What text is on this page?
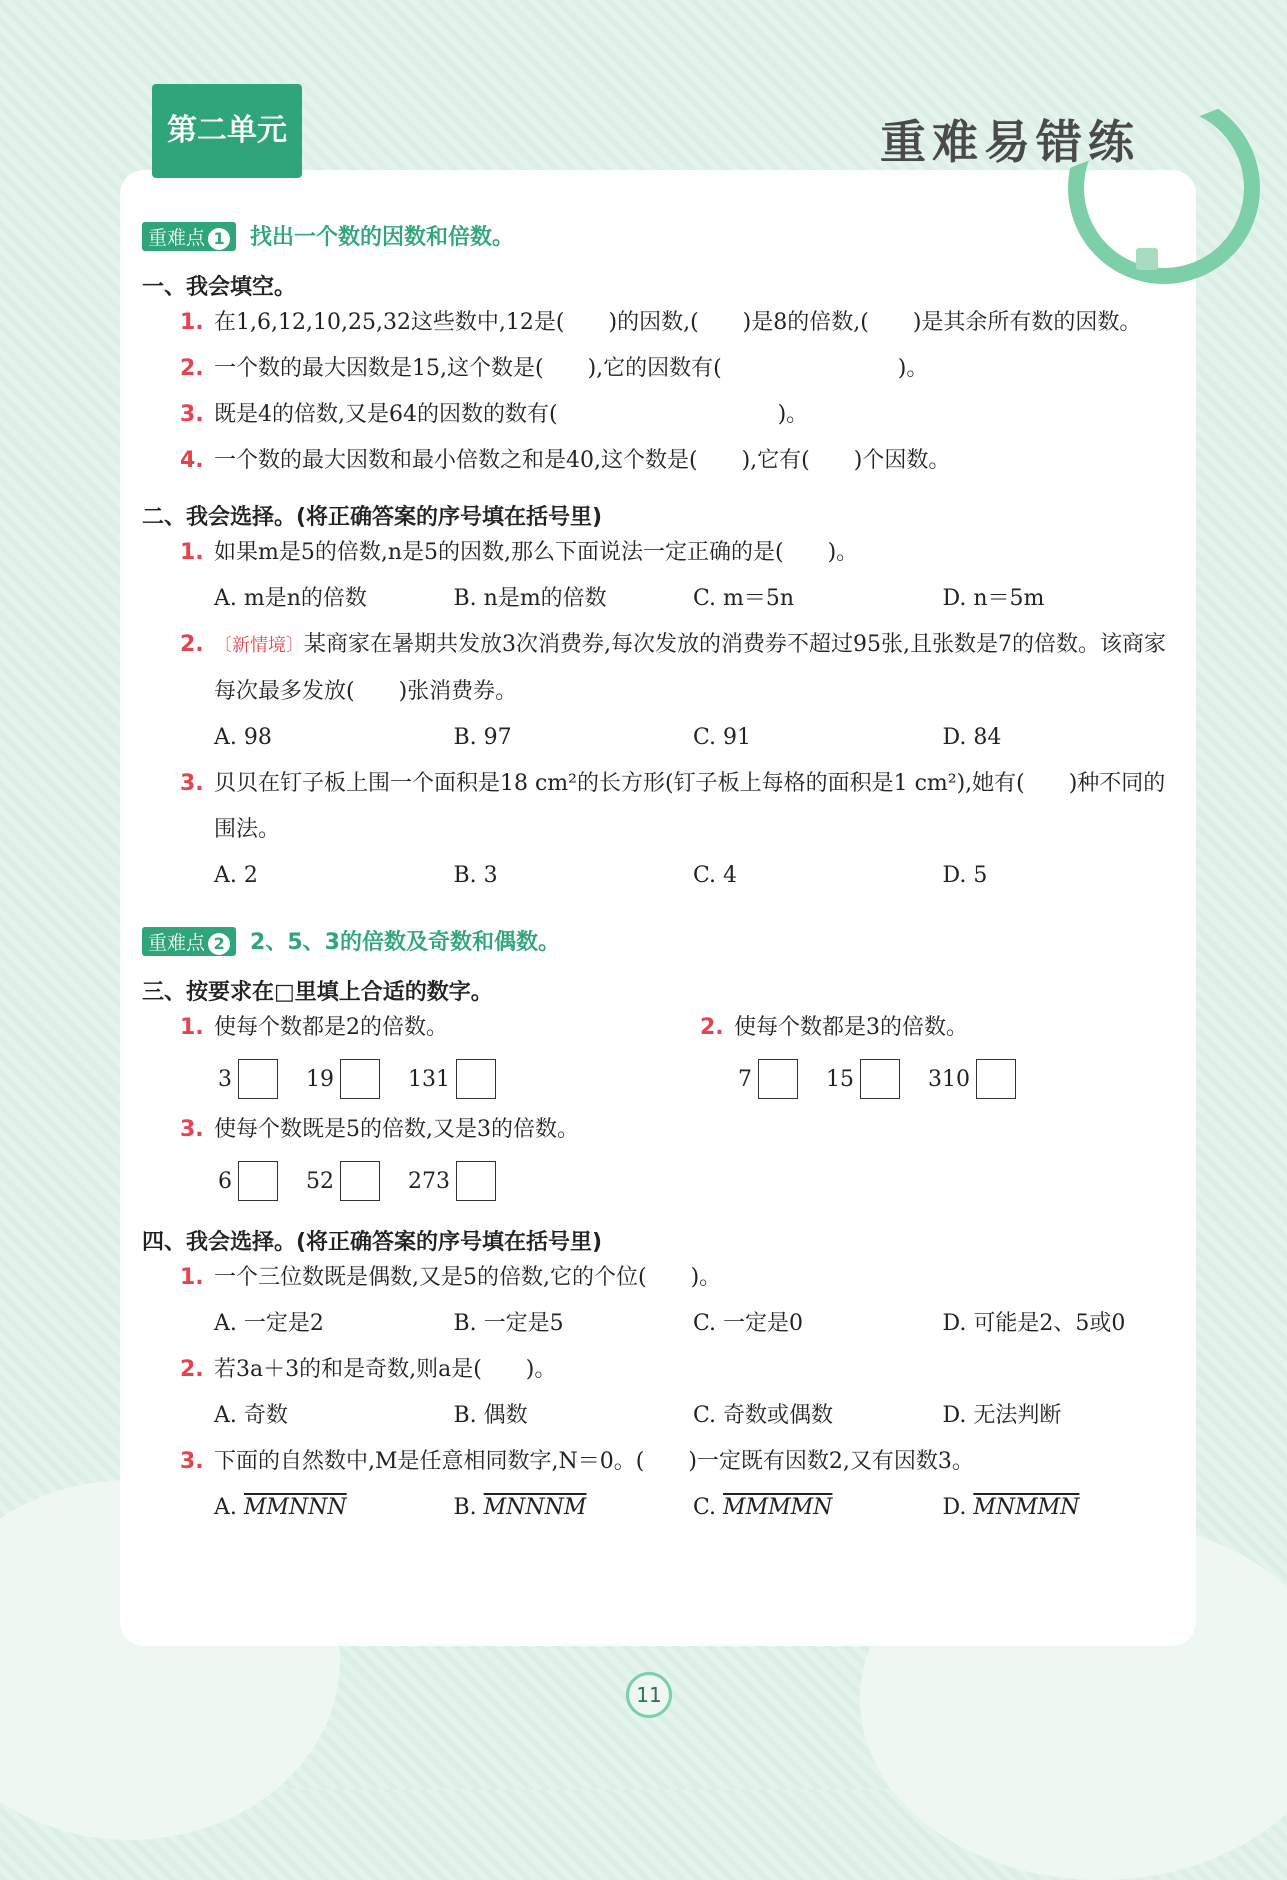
第二单元	重难易错练
重难点 1 找出一个数的因数和倍数。
一、我会填空。
1. 在1,6,12,10,25,32这些数中,12是(　　)的因数,(　　)是8的倍数,(　　)是其余所有数的因数。
2. 一个数的最大因数是15,这个数是(　　),它的因数有(　　　　　　　　)。
3. 既是4的倍数,又是64的因数的数有(　　　　　　　　　　)。
4. 一个数的最大因数和最小倍数之和是40,这个数是(　　),它有(　　)个因数。
二、我会选择。(将正确答案的序号填在括号里)
1. 如果m是5的倍数,n是5的因数,那么下面说法一定正确的是(　　)。
A. m是n的倍数	B. n是m的倍数	C. m＝5n	D. n＝5m
2. 〔新情境〕某商家在暑期共发放3次消费券,每次发放的消费券不超过95张,且张数是7的倍数。该商家每次最多发放(　　)张消费券。
A. 98	B. 97	C. 91	D. 84
3. 贝贝在钉子板上围一个面积是18 cm²的长方形(钉子板上每格的面积是1 cm²),她有(　　)种不同的围法。
A. 2	B. 3	C. 4	D. 5
重难点 2 2、5、3的倍数及奇数和偶数。
三、按要求在□里填上合适的数字。
1. 使每个数都是2的倍数。
3	19	131
2. 使每个数都是3的倍数。
7	15	310
3. 使每个数既是5的倍数,又是3的倍数。
6	52	273
四、我会选择。(将正确答案的序号填在括号里)
1. 一个三位数既是偶数,又是5的倍数,它的个位(　　)。
A. 一定是2	B. 一定是5	C. 一定是0	D. 可能是2、5或0
2. 若3a＋3的和是奇数,则a是(　　)。
A. 奇数	B. 偶数	C. 奇数或偶数	D. 无法判断
3. 下面的自然数中,M是任意相同数字,N＝0。(　　)一定既有因数2,又有因数3。
A. MMNNN	B. MNNNM	C. MMMMN	D. MNMMN
11
